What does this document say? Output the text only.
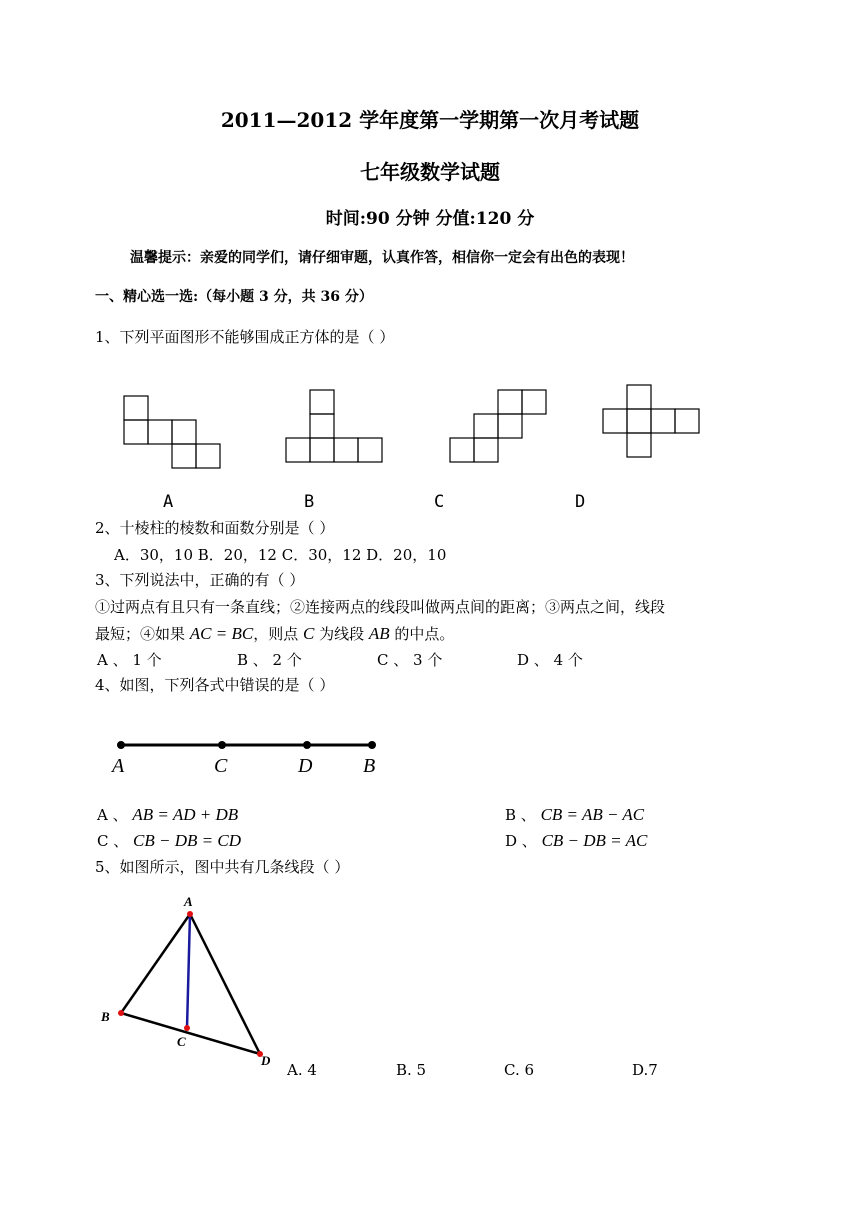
2011—2012 学年度第一学期第一次月考试题
七年级数学试题
时间:90 分钟 分值:120 分
温馨提示：亲爱的同学们，请仔细审题，认真作答，相信你一定会有出色的表现！
一、精心选一选:（每小题 3 分，共 36 分）
1、下列平面图形不能够围成正方体的是（ ）
A	B	C	D
2、十棱柱的棱数和面数分别是（ ）
A．30，10 B．20，12 C．30，12 D．20，10
3、下列说法中，正确的有（ ）
①过两点有且只有一条直线；②连接两点的线段叫做两点间的距离；③两点之间，线段
最短；④如果 AC = BC，则点 C 为线段 AB 的中点。
A 、 1 个	B 、 2 个	C 、 3 个	D 、 4 个
4、如图，下列各式中错误的是（ ）
A	C	D	B
A 、 AB = AD + DB	B 、 CB = AB − AC
C 、 CB − DB = CD	D 、 CB − DB = AC
5、如图所示，图中共有几条线段（ ）
A
B
C
D
A. 4	B. 5	C. 6	D.7
